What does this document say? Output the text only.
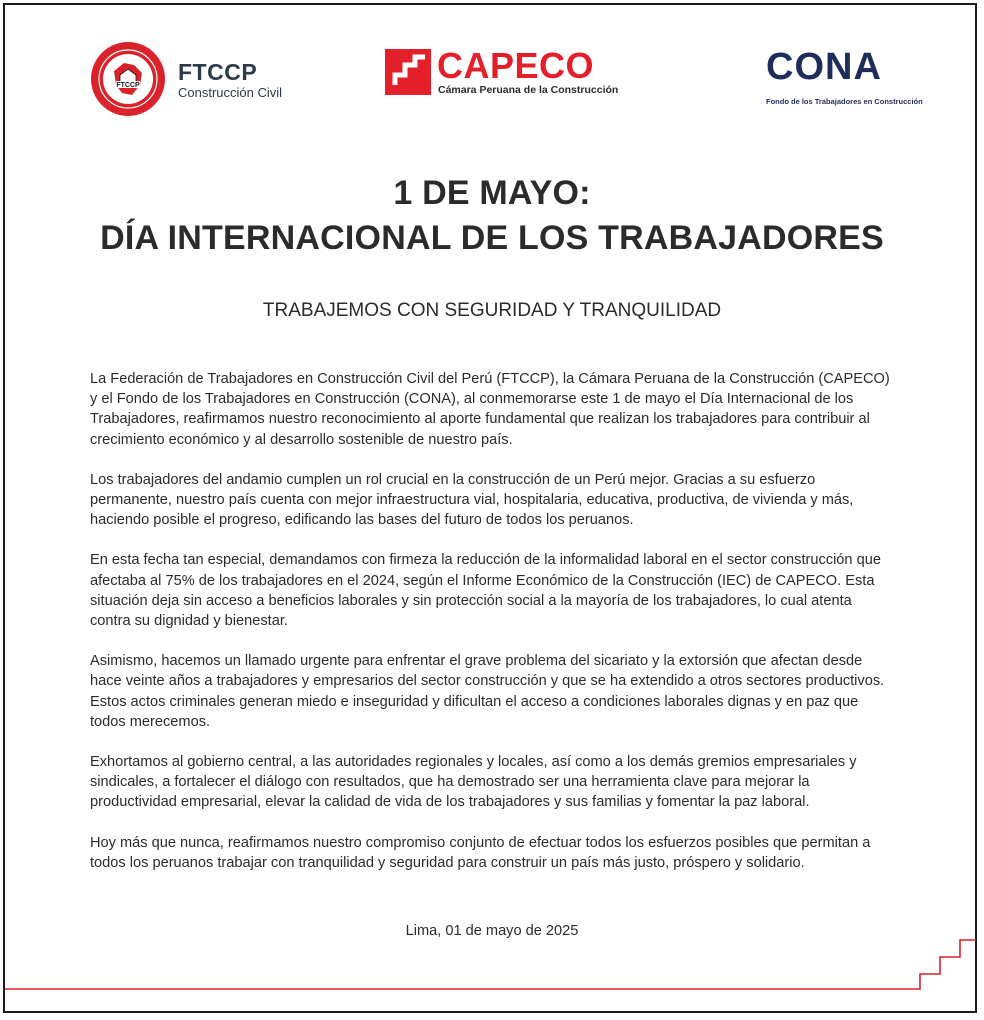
FTCCP
FTCCP
Construcción Civil
CAPECO
Cámara Peruana de la Construcción
CONA
Fondo de los Trabajadores en Construcción
1 DE MAYO:
DÍA INTERNACIONAL DE LOS TRABAJADORES
TRABAJEMOS CON SEGURIDAD Y TRANQUILIDAD

La Federación de Trabajadores en Construcción Civil del Perú (FTCCP), la Cámara Peruana de la Construcción (CAPECO) y el Fondo de los Trabajadores en Construcción (CONA), al conmemorarse este 1 de mayo el Día Internacional de los Trabajadores, reafirmamos nuestro reconocimiento al aporte fundamental que realizan los trabajadores para contribuir al crecimiento económico y al desarrollo sostenible de nuestro país.

Los trabajadores del andamio cumplen un rol crucial en la construcción de un Perú mejor. Gracias a su esfuerzo permanente, nuestro país cuenta con mejor infraestructura vial, hospitalaria, educativa, productiva, de vivienda y más, haciendo posible el progreso, edificando las bases del futuro de todos los peruanos.

En esta fecha tan especial, demandamos con firmeza la reducción de la informalidad laboral en el sector construcción que afectaba al 75% de los trabajadores en el 2024, según el Informe Económico de la Construcción (IEC) de CAPECO. Esta situación deja sin acceso a beneficios laborales y sin protección social a la mayoría de los trabajadores, lo cual atenta contra su dignidad y bienestar.

Asimismo, hacemos un llamado urgente para enfrentar el grave problema del sicariato y la extorsión que afectan desde hace veinte años a trabajadores y empresarios del sector construcción y que se ha extendido a otros sectores productivos. Estos actos criminales generan miedo e inseguridad y dificultan el acceso a condiciones laborales dignas y en paz que todos merecemos.

Exhortamos al gobierno central, a las autoridades regionales y locales, así como a los demás gremios empresariales y sindicales, a fortalecer el diálogo con resultados, que ha demostrado ser una herramienta clave para mejorar la productividad empresarial, elevar la calidad de vida de los trabajadores y sus familias y fomentar la paz laboral.

Hoy más que nunca, reafirmamos nuestro compromiso conjunto de efectuar todos los esfuerzos posibles que permitan a todos los peruanos trabajar con tranquilidad y seguridad para construir un país más justo, próspero y solidario.

Lima, 01 de mayo de 2025
